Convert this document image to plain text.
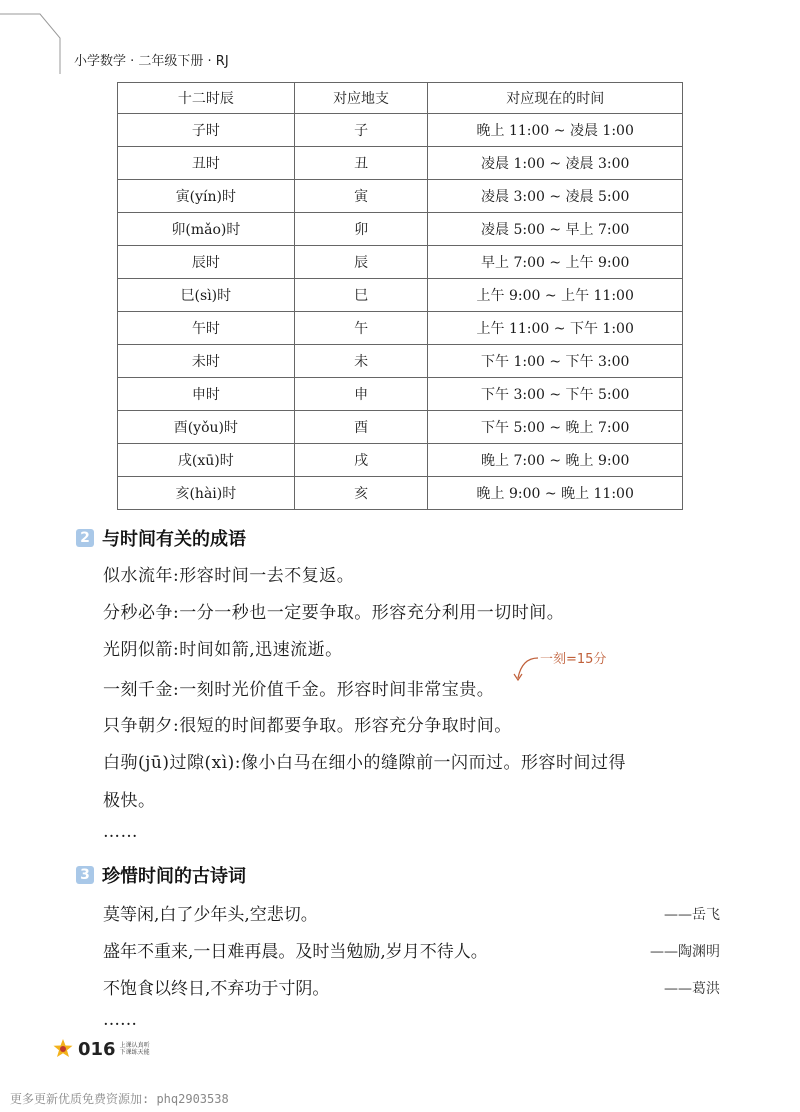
小学数学 · 二年级下册 · RJ
十二时辰	对应地支	对应现在的时间
子时	子	晚上 11:00 ~ 凌晨 1:00
丑时	丑	凌晨 1:00 ~ 凌晨 3:00
寅(yín)时	寅	凌晨 3:00 ~ 凌晨 5:00
卯(mǎo)时	卯	凌晨 5:00 ~ 早上 7:00
辰时	辰	早上 7:00 ~ 上午 9:00
巳(sì)时	巳	上午 9:00 ~ 上午 11:00
午时	午	上午 11:00 ~ 下午 1:00
未时	未	下午 1:00 ~ 下午 3:00
申时	申	下午 3:00 ~ 下午 5:00
酉(yǒu)时	酉	下午 5:00 ~ 晚上 7:00
戌(xū)时	戌	晚上 7:00 ~ 晚上 9:00
亥(hài)时	亥	晚上 9:00 ~ 晚上 11:00
2 与时间有关的成语
似水流年:形容时间一去不复返。
分秒必争:一分一秒也一定要争取。形容充分利用一切时间。
光阴似箭:时间如箭,迅速流逝。	一刻=15分
一刻千金:一刻时光价值千金。形容时间非常宝贵。
只争朝夕:很短的时间都要争取。形容充分争取时间。
白驹(jū)过隙(xì):像小白马在细小的缝隙前一闪而过。形容时间过得
极快。
……
3 珍惜时间的古诗词
莫等闲,白了少年头,空悲切。	——岳飞
盛年不重来,一日难再晨。及时当勉励,岁月不待人。	——陶渊明
不饱食以终日,不弃功于寸阴。	——葛洪
……
016 上课认真听
下课练天能
更多更新优质免费资源加: phq2903538
